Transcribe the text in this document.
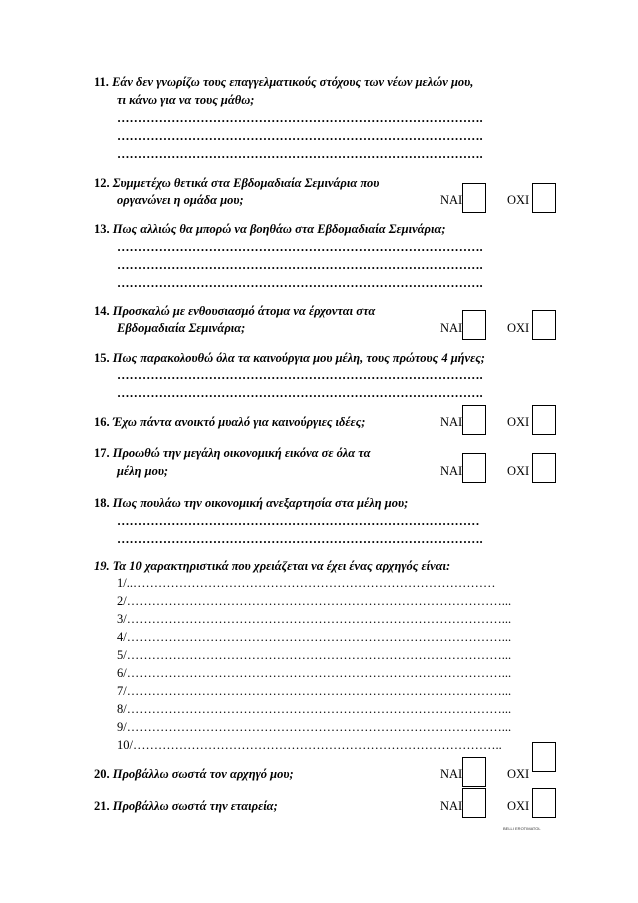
11. Εάν δεν γνωρίζω τους επαγγελματικούς στόχους των νέων μελών μου,
τι κάνω για να τους μάθω;
…………………………………………………………………………….
…………………………………………………………………………….
…………………………………………………………………………….
12. Συμμετέχω θετικά στα Εβδομαδιαία Σεμινάρια που
οργανώνει η ομάδα μου;	ΝΑΙ	ΟΧΙ
13. Πως αλλιώς θα μπορώ να βοηθάω στα Εβδομαδιαία Σεμινάρια;
…………………………………………………………………………….
…………………………………………………………………………….
…………………………………………………………………………….
14. Προσκαλώ με ενθουσιασμό άτομα να έρχονται στα
Εβδομαδιαία Σεμινάρια;	ΝΑΙ	ΟΧΙ
15. Πως παρακολουθώ όλα τα καινούργια μου μέλη, τους πρώτους 4 μήνες;
…………………………………………………………………………….
…………………………………………………………………………….
16. Έχω πάντα ανοικτό μυαλό για καινούργιες ιδέες;	ΝΑΙ	ΟΧΙ
17. Προωθώ την μεγάλη οικονομική εικόνα σε όλα τα
μέλη μου;	ΝΑΙ	ΟΧΙ
18. Πως πουλάω την οικονομική ανεξαρτησία στα μέλη μου;
……………………………………………………………………………
…………………………………………………………………………….
19. Τα 10 χαρακτηριστικά που χρειάζεται να έχει ένας αρχηγός είναι:
1/..……………………………………………………………………………
2/………………………………………………………………………………...
3/………………………………………………………………………………...
4/………………………………………………………………………………...
5/………………………………………………………………………………...
6/………………………………………………………………………………...
7/………………………………………………………………………………...
8/………………………………………………………………………………...
9/………………………………………………………………………………...
10/……………………………………………………………………………..
20. Προβάλλω σωστά τον αρχηγό μου;	ΝΑΙ	ΟΧΙ
21. Προβάλλω σωστά την εταιρεία;	ΝΑΙ	ΟΧΙ
BELLI EROTIMATOL
